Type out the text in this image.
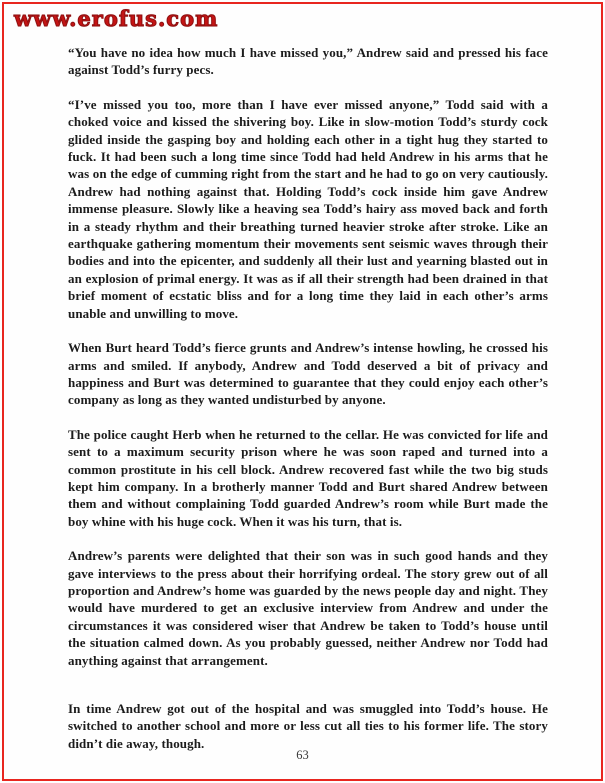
www.erofus.com

“You have no idea how much I have missed you,” Andrew said and pressed his face against Todd’s furry pecs.

“I’ve missed you too, more than I have ever missed anyone,” Todd said with a choked voice and kissed the shivering boy. Like in slow-motion Todd’s sturdy cock glided inside the gasping boy and holding each other in a tight hug they started to fuck. It had been such a long time since Todd had held Andrew in his arms that he was on the edge of cumming right from the start and he had to go on very cautiously. Andrew had nothing against that. Holding Todd’s cock inside him gave Andrew immense pleasure. Slowly like a heaving sea Todd’s hairy ass moved back and forth in a steady rhythm and their breathing turned heavier stroke after stroke. Like an earthquake gathering momentum their movements sent seismic waves through their bodies and into the epicenter, and suddenly all their lust and yearning blasted out in an explosion of primal energy. It was as if all their strength had been drained in that brief moment of ecstatic bliss and for a long time they laid in each other’s arms unable and unwilling to move.

When Burt heard Todd’s fierce grunts and Andrew’s intense howling, he crossed his arms and smiled. If anybody, Andrew and Todd deserved a bit of privacy and happiness and Burt was determined to guarantee that they could enjoy each other’s company as long as they wanted undisturbed by anyone.

The police caught Herb when he returned to the cellar. He was convicted for life and sent to a maximum security prison where he was soon raped and turned into a common prostitute in his cell block. Andrew recovered fast while the two big studs kept him company. In a brotherly manner Todd and Burt shared Andrew between them and without complaining Todd guarded Andrew’s room while Burt made the boy whine with his huge cock. When it was his turn, that is.

Andrew’s parents were delighted that their son was in such good hands and they gave interviews to the press about their horrifying ordeal. The story grew out of all proportion and Andrew’s home was guarded by the news people day and night. They would have murdered to get an exclusive interview from Andrew and under the circumstances it was considered wiser that Andrew be taken to Todd’s house until the situation calmed down. As you probably guessed, neither Andrew nor Todd had anything against that arrangement.

In time Andrew got out of the hospital and was smuggled into Todd’s house. He switched to another school and more or less cut all ties to his former life. The story didn’t die away, though.

63
